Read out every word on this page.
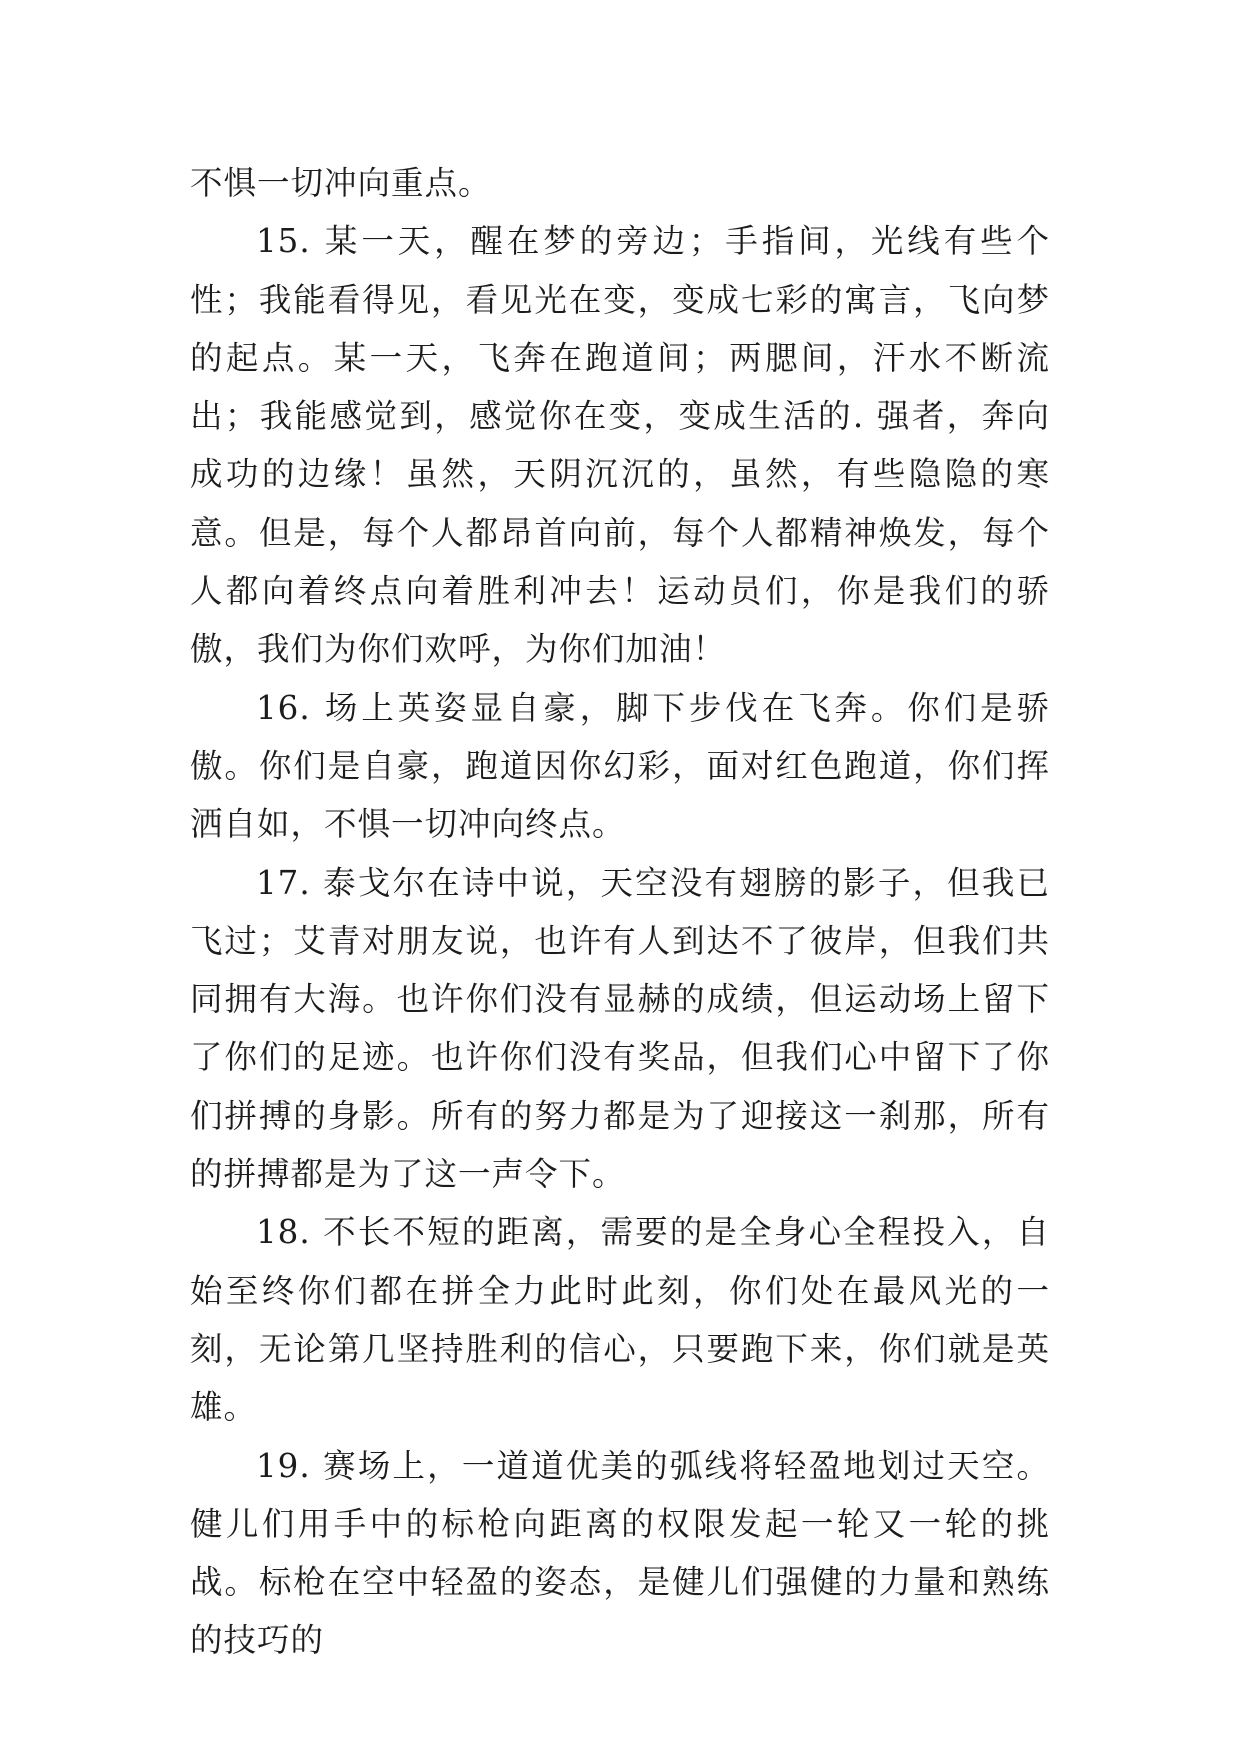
不惧一切冲向重点。

15. 某一天，醒在梦的旁边；手指间，光线有些个性；我能看得见，看见光在变，变成七彩的寓言，飞向梦的起点。某一天，飞奔在跑道间；两腮间，汗水不断流出；我能感觉到，感觉你在变，变成生活的. 强者，奔向成功的边缘！虽然，天阴沉沉的，虽然，有些隐隐的寒意。但是，每个人都昂首向前，每个人都精神焕发，每个人都向着终点向着胜利冲去！运动员们，你是我们的骄傲，我们为你们欢呼，为你们加油！

16. 场上英姿显自豪，脚下步伐在飞奔。你们是骄傲。你们是自豪，跑道因你幻彩，面对红色跑道，你们挥洒自如，不惧一切冲向终点。

17. 泰戈尔在诗中说，天空没有翅膀的影子，但我已飞过；艾青对朋友说，也许有人到达不了彼岸，但我们共同拥有大海。也许你们没有显赫的成绩，但运动场上留下了你们的足迹。也许你们没有奖品，但我们心中留下了你们拼搏的身影。所有的努力都是为了迎接这一刹那，所有的拼搏都是为了这一声令下。

18. 不长不短的距离，需要的是全身心全程投入，自始至终你们都在拼全力此时此刻，你们处在最风光的一刻，无论第几坚持胜利的信心，只要跑下来，你们就是英雄。

19. 赛场上，一道道优美的弧线将轻盈地划过天空。健儿们用手中的标枪向距离的权限发起一轮又一轮的挑战。标枪在空中轻盈的姿态，是健儿们强健的力量和熟练的技巧的
